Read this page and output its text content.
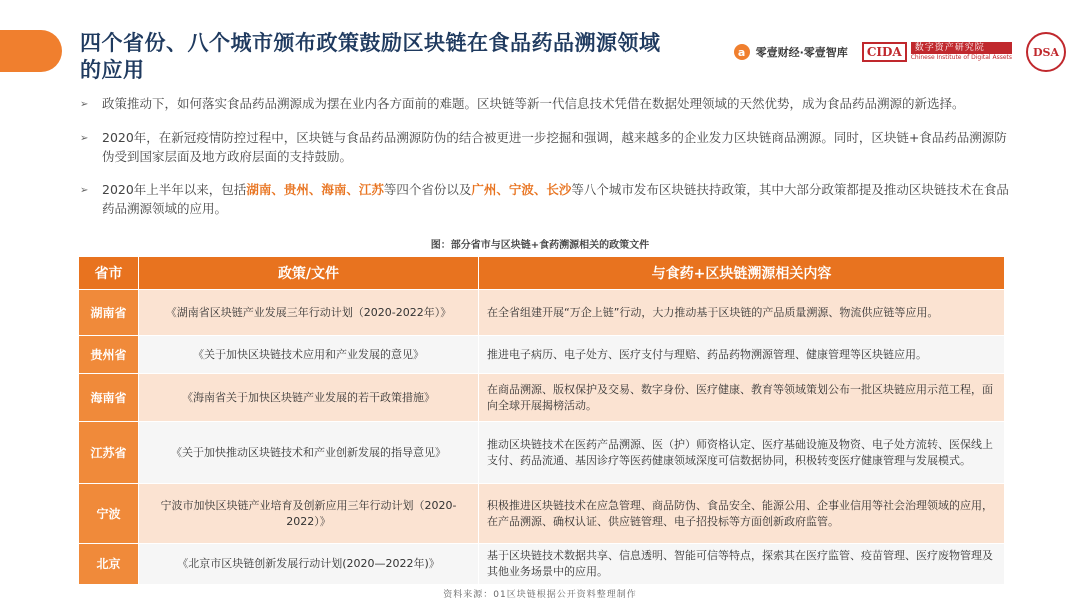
四个省份、八个城市颁布政策鼓励区块链在食品药品溯源领域的应用
a 零壹财经·零壹智库	CIDA	数字资产研究院
Chinese Institute of Digital Assets DSA
➢	政策推动下，如何落实食品药品溯源成为摆在业内各方面前的难题。区块链等新一代信息技术凭借在数据处理领域的天然优势，成为食品药品溯源的新选择。
➢	2020年，在新冠疫情防控过程中，区块链与食品药品溯源防伪的结合被更进一步挖掘和强调，越来越多的企业发力区块链商品溯源。同时，区块链+食品药品溯源防伪受到国家层面及地方政府层面的支持鼓励。
➢	2020年上半年以来，包括湖南、贵州、海南、江苏等四个省份以及广州、宁波、长沙等八个城市发布区块链扶持政策，其中大部分政策都提及推动区块链技术在食品药品溯源领域的应用。
图：部分省市与区块链+食药溯源相关的政策文件
省市	政策/文件	与食药+区块链溯源相关内容
湖南省	《湖南省区块链产业发展三年行动计划（2020-2022年）》	在全省组建开展“万企上链”行动，大力推动基于区块链的产品质量溯源、物流供应链等应用。
贵州省	《关于加快区块链技术应用和产业发展的意见》	推进电子病历、电子处方、医疗支付与理赔、药品药物溯源管理、健康管理等区块链应用。
海南省	《海南省关于加快区块链产业发展的若干政策措施》	在商品溯源、版权保护及交易、数字身份、医疗健康、教育等领域策划公布一批区块链应用示范工程，面向全球开展揭榜活动。
江苏省	《关于加快推动区块链技术和产业创新发展的指导意见》	推动区块链技术在医药产品溯源、医（护）师资格认定、医疗基础设施及物资、电子处方流转、医保线上支付、药品流通、基因诊疗等医药健康领域深度可信数据协同，积极转变医疗健康管理与发展模式。
宁波	宁波市加快区块链产业培育及创新应用三年行动计划（2020-2022）》	积极推进区块链技术在应急管理、商品防伪、食品安全、能源公用、企事业信用等社会治理领域的应用，在产品溯源、确权认证、供应链管理、电子招投标等方面创新政府监管。
北京	《北京市区块链创新发展行动计划(2020—2022年)》	基于区块链技术数据共享、信息透明、智能可信等特点，探索其在医疗监管、疫苗管理、医疗废物管理及其他业务场景中的应用。
资料来源：01区块链根据公开资料整理制作
